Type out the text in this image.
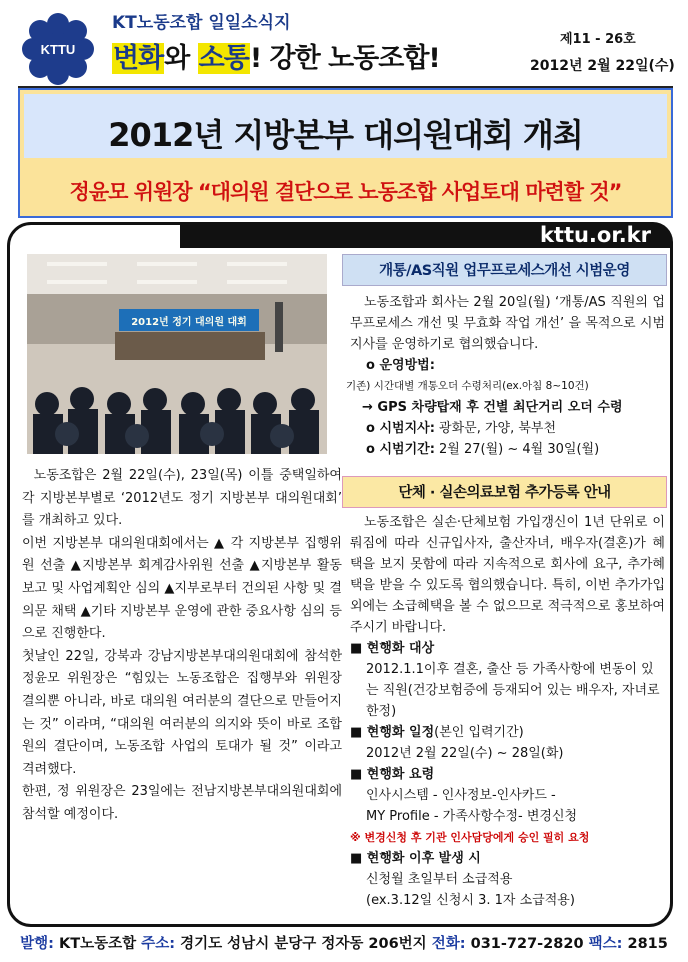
KTTU
KT노동조합 일일소식지
변화와 소통! 강한 노동조합!
제11 - 26호
2012년 2월 22일(수)
2012년 지방본부 대의원대회 개최
정윤모 위원장 “대의원 결단으로 노동조합 사업토대 마련할 것”
kttu.or.kr
2012년 정기 대의원 대회

노동조합은 2월 22일(수), 23일(목) 이틀 중택일하여 각 지방본부별로 ‘2012년도 정기 지방본부 대의원대회’ 를 개최하고 있다.

이번 지방본부 대의원대회에서는 ▲ 각 지방본부 집행위원 선출 ▲지방본부 회계감사위원 선출 ▲지방본부 활동보고 및 사업계획안 심의 ▲지부로부터 건의된 사항 및 결의문 채택 ▲기타 지방본부 운영에 관한 중요사항 심의 등으로 진행한다.

첫날인 22일, 강북과 강남지방본부대의원대회에 참석한 정윤모 위원장은 “힘있는 노동조합은 집행부와 위원장 결의뿐 아니라, 바로 대의원 여러분의 결단으로 만들어지는 것” 이라며, “대의원 여러분의 의지와 뜻이 바로 조합원의 결단이며, 노동조합 사업의 토대가 될 것” 이라고 격려했다.

한편, 정 위원장은 23일에는 전남지방본부대의원대회에 참석할 예정이다.

개통/AS직원 업무프로세스개선 시범운영
노동조합과 회사는 2월 20일(월) ‘개통/AS 직원의 업무프로세스 개선 및 무효화 작업 개선’ 을 목적으로 시범지사를 운영하기로 협의했습니다.
o 운영방법:
기존) 시간대별 개통오더 수령처리(ex.아침 8~10건)
→ GPS 차량탑재 후 건별 최단거리 오더 수령
o 시범지사: 광화문, 가양, 북부천
o 시범기간: 2월 27(월) ~ 4월 30일(월)
단체 · 실손의료보험 추가등록 안내
노동조합은 실손·단체보험 가입갱신이 1년 단위로 이뤄짐에 따라 신규입사자, 출산자녀, 배우자(결혼)가 혜택을 보지 못함에 따라 지속적으로 회사에 요구, 추가혜택을 받을 수 있도록 협의했습니다. 특히, 이번 추가가입 외에는 소급혜택을 볼 수 없으므로 적극적으로 홍보하여 주시기 바랍니다.
■ 현행화 대상
2012.1.1이후 결혼, 출산 등 가족사항에 변동이 있는 직원(건강보험증에 등재되어 있는 배우자, 자녀로 한정)
■ 현행화 일정(본인 입력기간)
2012년 2월 22일(수) ~ 28일(화)
■ 현행화 요령
인사시스템 - 인사정보-인사카드 -
MY Profile - 가족사항수정- 변경신청
※ 변경신청 후 기관 인사담당에게 승인 필히 요청
■ 현행화 이후 발생 시
신청월 초일부터 소급적용
(ex.3.12일 신청시 3. 1자 소급적용)
발행: KT노동조합 주소: 경기도 성남시 분당구 정자동 206번지 전화: 031-727-2820 팩스: 2815
